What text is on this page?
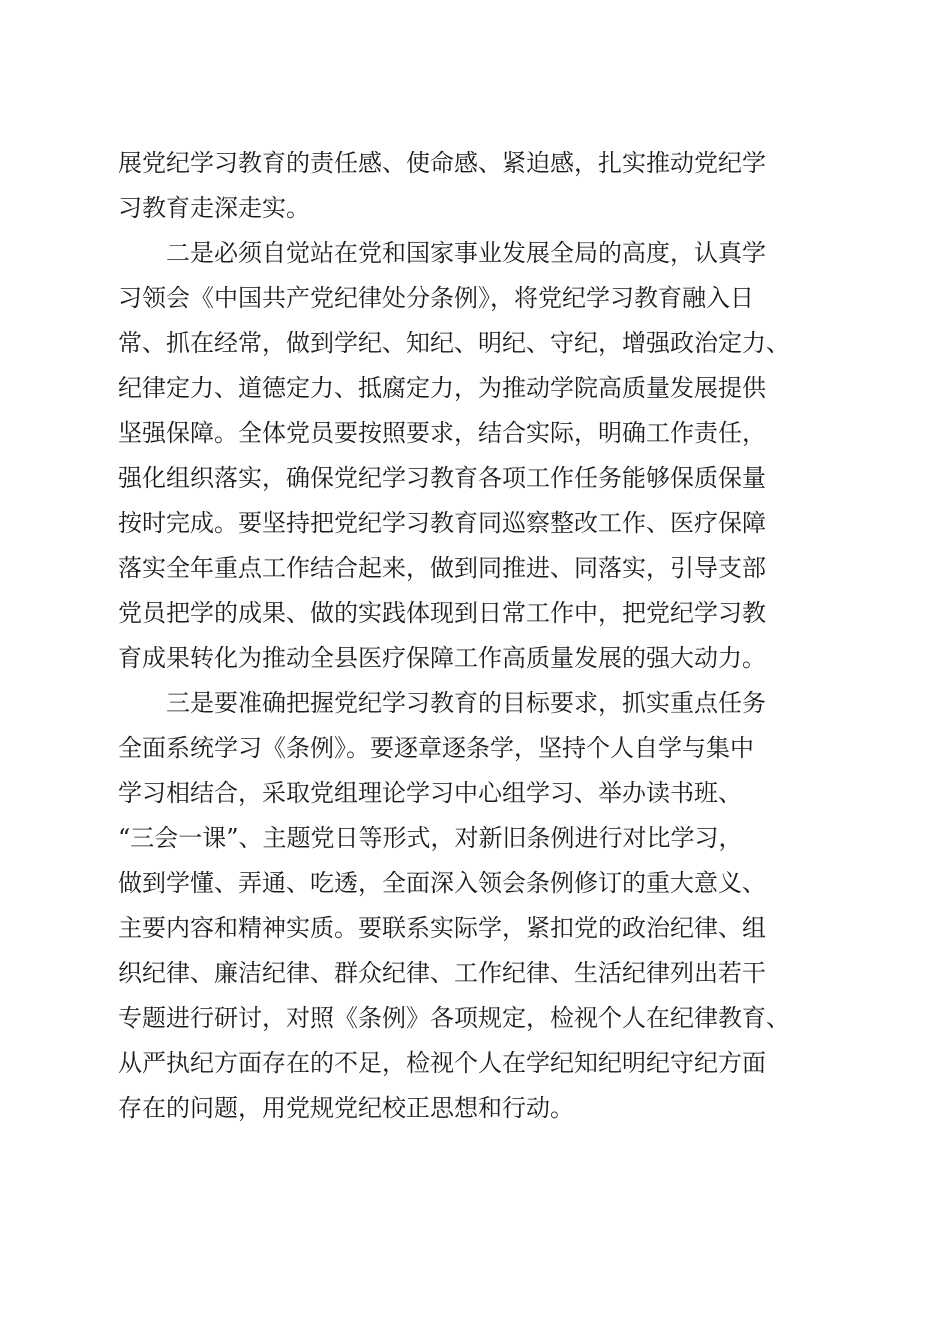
展党纪学习教育的责任感、使命感、紧迫感，扎实推动党纪学
习教育走深走实。
二是必须自觉站在党和国家事业发展全局的高度，认真学
习领会《中国共产党纪律处分条例》，将党纪学习教育融入日
常、抓在经常，做到学纪、知纪、明纪、守纪，增强政治定力、
纪律定力、道德定力、抵腐定力，为推动学院高质量发展提供
坚强保障。全体党员要按照要求，结合实际，明确工作责任，
强化组织落实，确保党纪学习教育各项工作任务能够保质保量
按时完成。要坚持把党纪学习教育同巡察整改工作、医疗保障
落实全年重点工作结合起来，做到同推进、同落实，引导支部
党员把学的成果、做的实践体现到日常工作中，把党纪学习教
育成果转化为推动全县医疗保障工作高质量发展的强大动力。
三是要准确把握党纪学习教育的目标要求，抓实重点任务
全面系统学习《条例》。要逐章逐条学，坚持个人自学与集中
学习相结合，采取党组理论学习中心组学习、举办读书班、
“三会一课”、主题党日等形式，对新旧条例进行对比学习，
做到学懂、弄通、吃透，全面深入领会条例修订的重大意义、
主要内容和精神实质。要联系实际学，紧扣党的政治纪律、组
织纪律、廉洁纪律、群众纪律、工作纪律、生活纪律列出若干
专题进行研讨，对照《条例》各项规定，检视个人在纪律教育、
从严执纪方面存在的不足，检视个人在学纪知纪明纪守纪方面
存在的问题，用党规党纪校正思想和行动。
